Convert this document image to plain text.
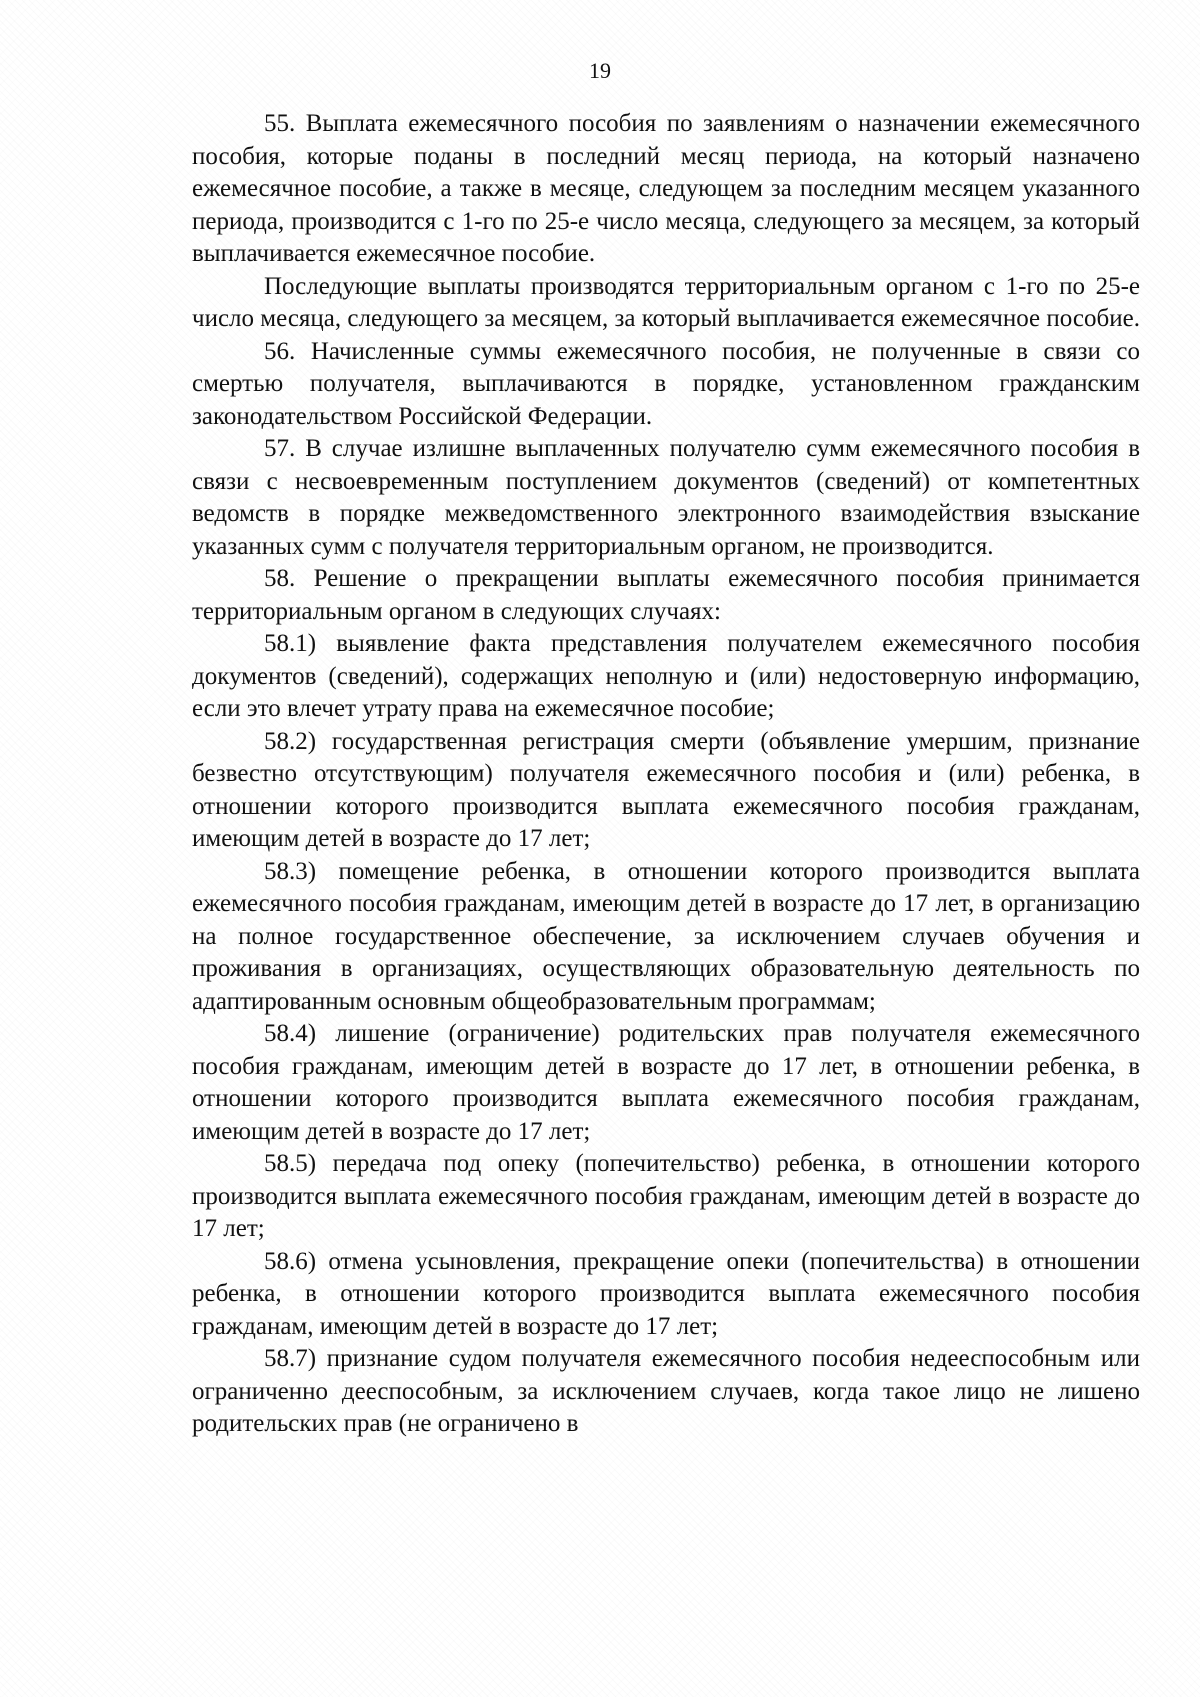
19

55. Выплата ежемесячного пособия по заявлениям о назначении ежемесячного пособия, которые поданы в последний месяц периода, на который назначено ежемесячное пособие, а также в месяце, следующем за последним месяцем указанного периода, производится с 1-го по 25-е число месяца, следующего за месяцем, за который выплачивается ежемесячное пособие.

Последующие выплаты производятся территориальным органом с 1-го по 25-е число месяца, следующего за месяцем, за который выплачивается ежемесячное пособие.

56. Начисленные суммы ежемесячного пособия, не полученные в связи со смертью получателя, выплачиваются в порядке, установленном гражданским законодательством Российской Федерации.

57. В случае излишне выплаченных получателю сумм ежемесячного пособия в связи с несвоевременным поступлением документов (сведений) от компетентных ведомств в порядке межведомственного электронного взаимодействия взыскание указанных сумм с получателя территориальным органом, не производится.

58. Решение о прекращении выплаты ежемесячного пособия принимается территориальным органом в следующих случаях:

58.1) выявление факта представления получателем ежемесячного пособия документов (сведений), содержащих неполную и (или) недостоверную информацию, если это влечет утрату права на ежемесячное пособие;

58.2) государственная регистрация смерти (объявление умершим, признание безвестно отсутствующим) получателя ежемесячного пособия и (или) ребенка, в отношении которого производится выплата ежемесячного пособия гражданам, имеющим детей в возрасте до 17 лет;

58.3) помещение ребенка, в отношении которого производится выплата ежемесячного пособия гражданам, имеющим детей в возрасте до 17 лет, в организацию на полное государственное обеспечение, за исключением случаев обучения и проживания в организациях, осуществляющих образовательную деятельность по адаптированным основным общеобразовательным программам;

58.4) лишение (ограничение) родительских прав получателя ежемесячного пособия гражданам, имеющим детей в возрасте до 17 лет, в отношении ребенка, в отношении которого производится выплата ежемесячного пособия гражданам, имеющим детей в возрасте до 17 лет;

58.5) передача под опеку (попечительство) ребенка, в отношении которого производится выплата ежемесячного пособия гражданам, имеющим детей в возрасте до 17 лет;

58.6) отмена усыновления, прекращение опеки (попечительства) в отношении ребенка, в отношении которого производится выплата ежемесячного пособия гражданам, имеющим детей в возрасте до 17 лет;

58.7) признание судом получателя ежемесячного пособия недееспособным или ограниченно дееспособным, за исключением случаев, когда такое лицо не лишено родительских прав (не ограничено в
